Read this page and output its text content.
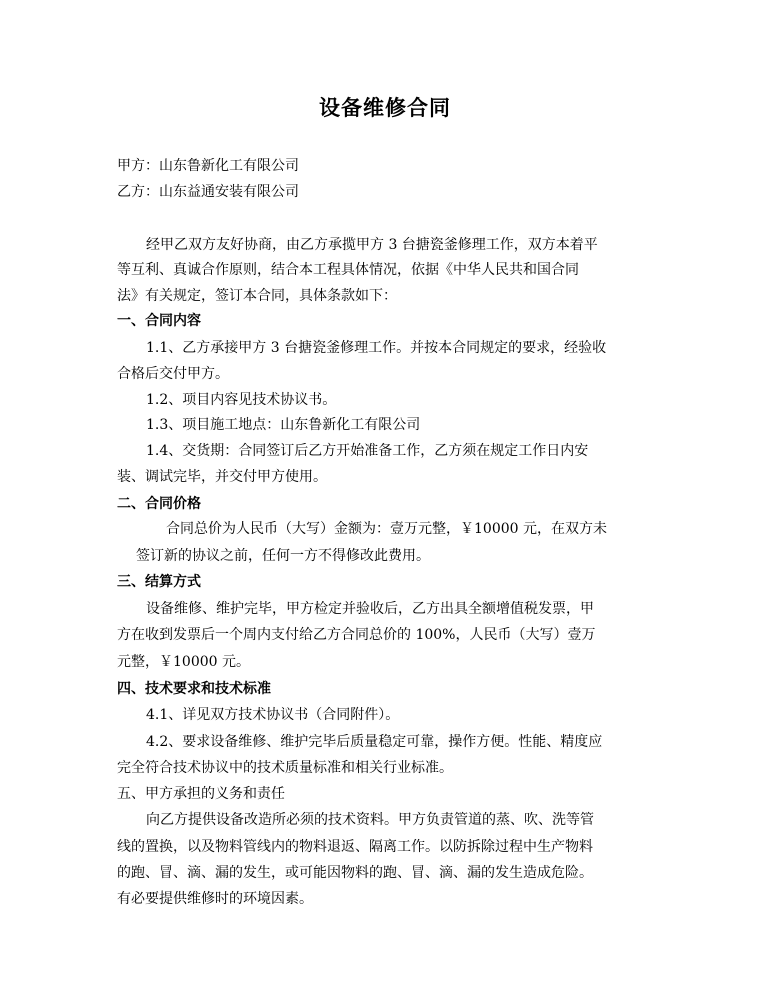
设备维修合同
甲方：山东鲁新化工有限公司
乙方：山东益通安装有限公司
经甲乙双方友好协商，由乙方承揽甲方 3 台搪瓷釜修理工作，双方本着平
等互利、真诚合作原则，结合本工程具体情况，依据《中华人民共和国合同
法》有关规定，签订本合同，具体条款如下：
一、合同内容
1.1、乙方承接甲方 3 台搪瓷釜修理工作。并按本合同规定的要求，经验收
合格后交付甲方。
1.2、项目内容见技术协议书。
1.3、项目施工地点：山东鲁新化工有限公司
1.4、交货期：合同签订后乙方开始准备工作，乙方须在规定工作日内安
装、调试完毕，并交付甲方使用。
二、合同价格
合同总价为人民币（大写）金额为：壹万元整，￥10000 元，在双方未
签订新的协议之前，任何一方不得修改此费用。
三、结算方式
设备维修、维护完毕，甲方检定并验收后，乙方出具全额增值税发票，甲
方在收到发票后一个周内支付给乙方合同总价的 100%，人民币（大写）壹万
元整，￥10000 元。
四、技术要求和技术标准
4.1、详见双方技术协议书（合同附件）。
4.2、要求设备维修、维护完毕后质量稳定可靠，操作方便。性能、精度应
完全符合技术协议中的技术质量标准和相关行业标准。
五、甲方承担的义务和责任
向乙方提供设备改造所必须的技术资料。甲方负责管道的蒸、吹、洗等管
线的置换，以及物料管线内的物料退返、隔离工作。以防拆除过程中生产物料
的跑、冒、滴、漏的发生，或可能因物料的跑、冒、滴、漏的发生造成危险。
有必要提供维修时的环境因素。
